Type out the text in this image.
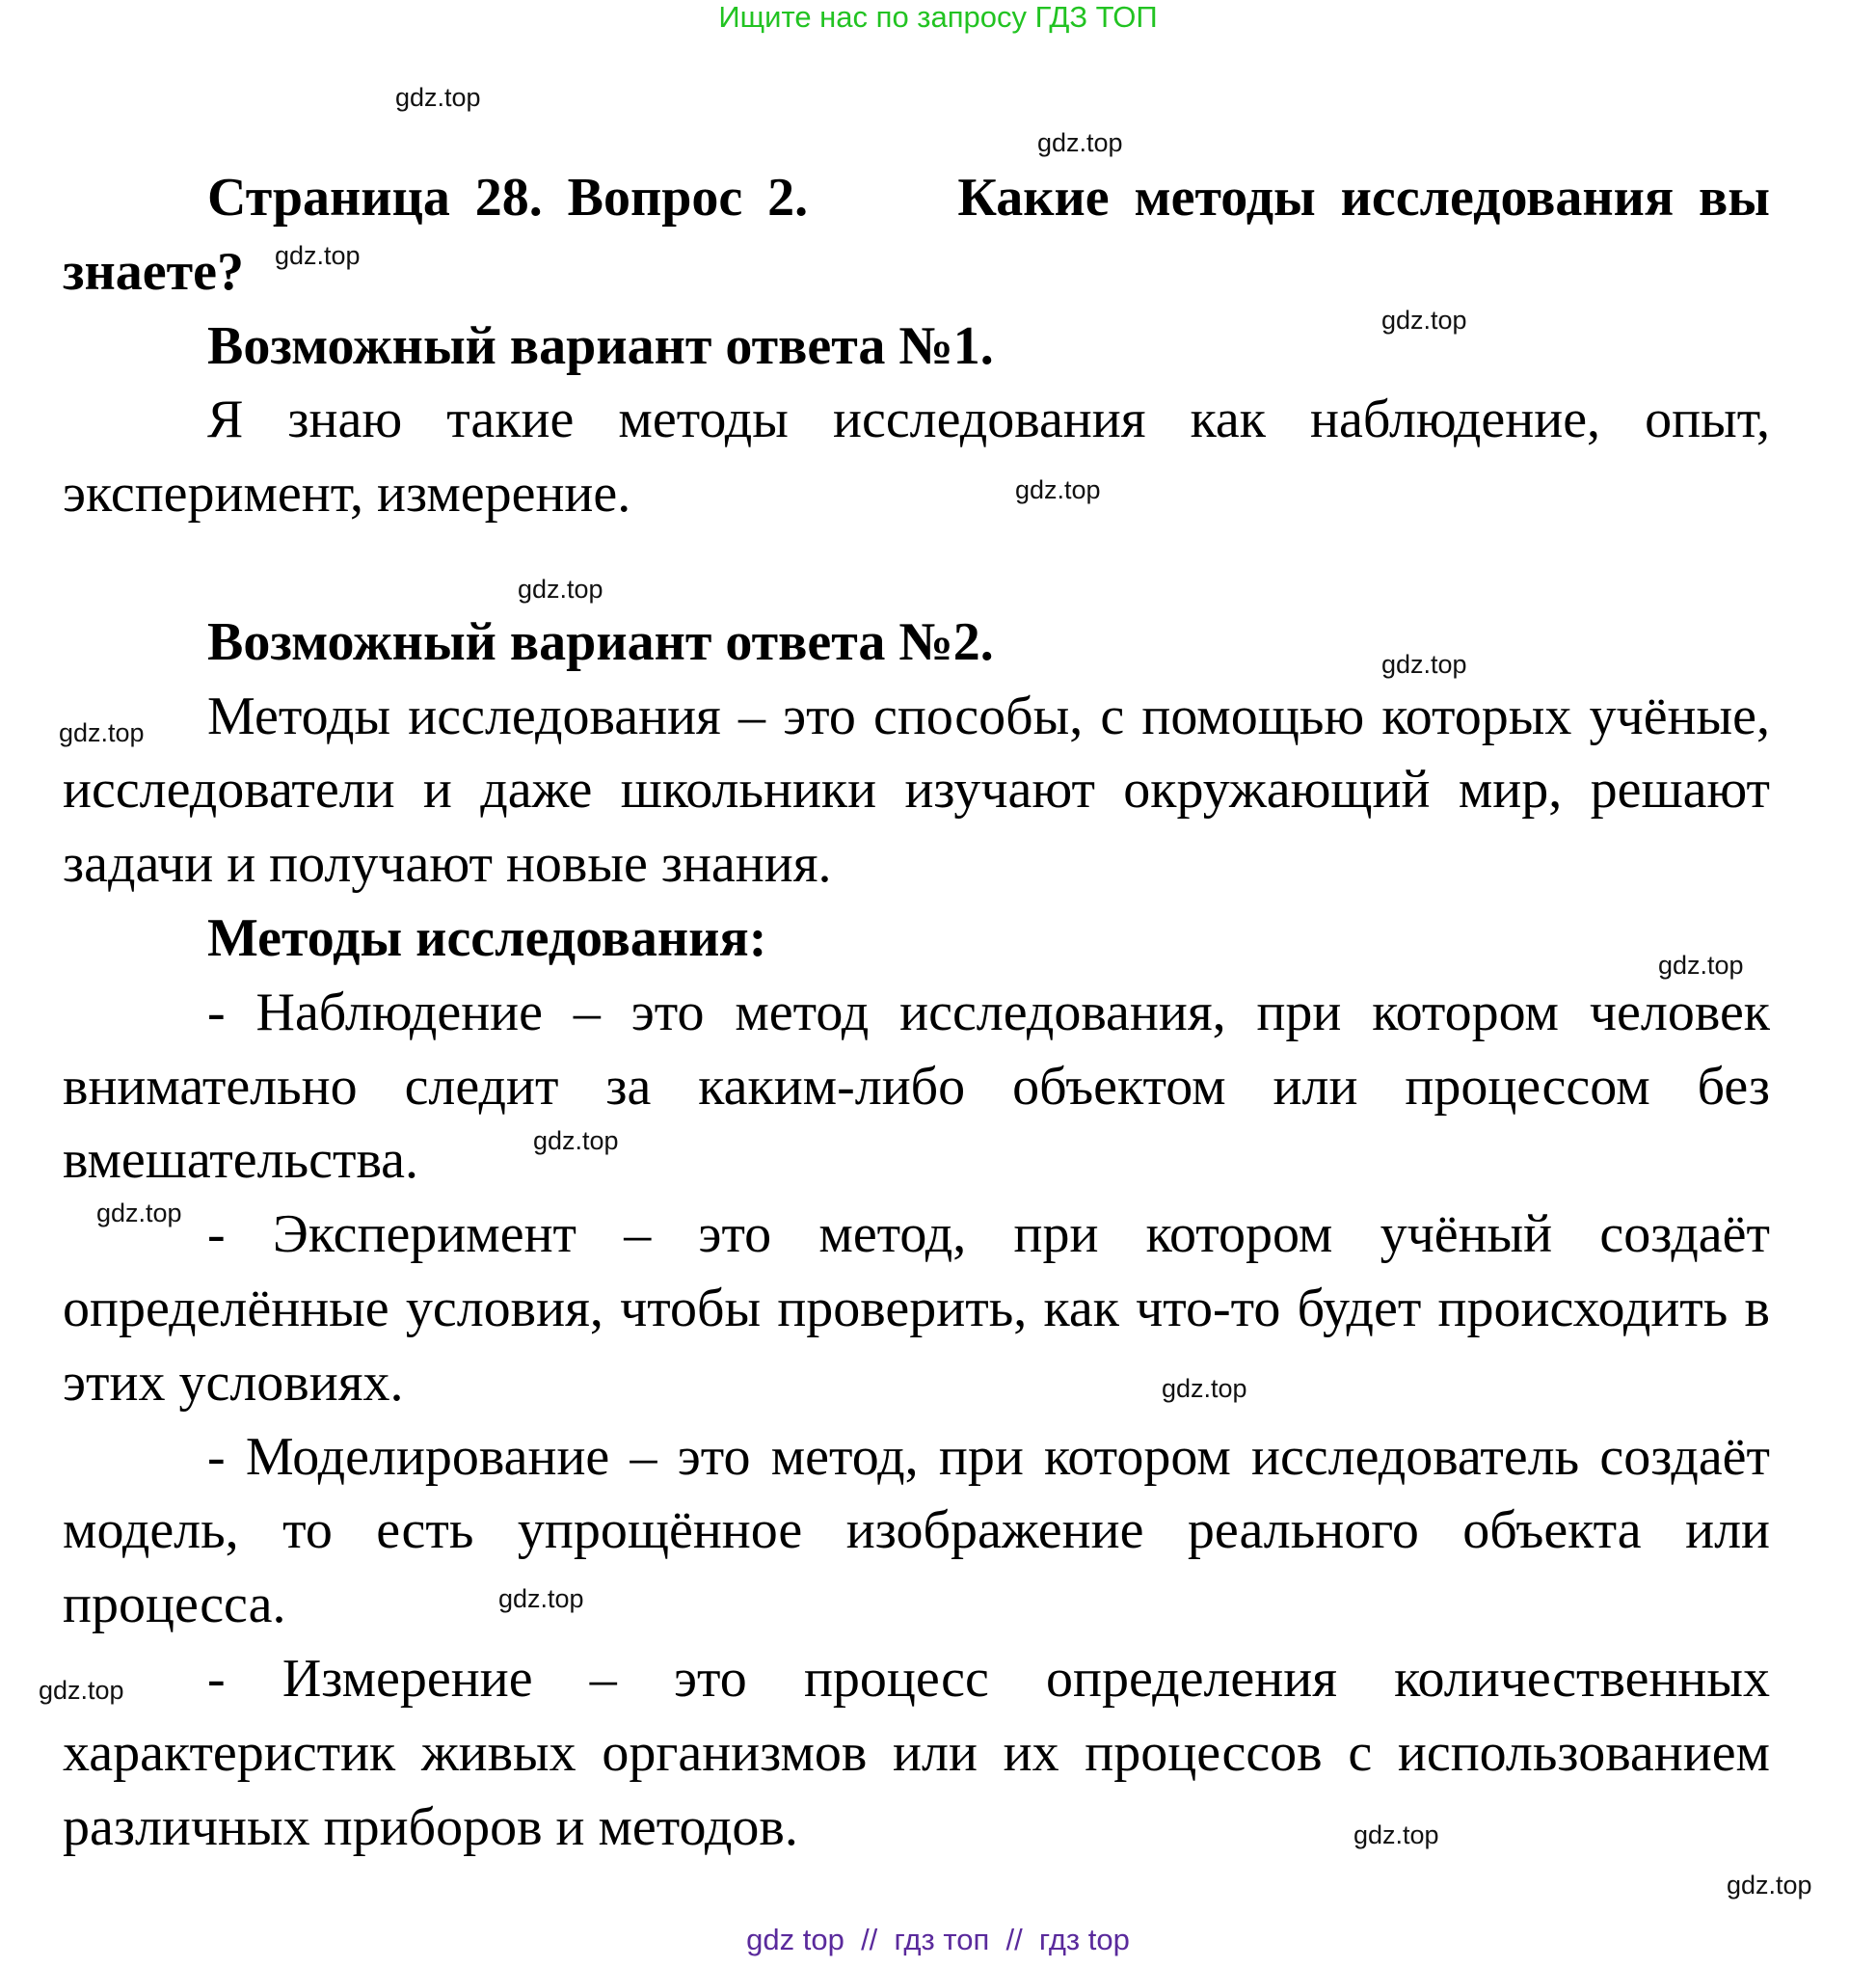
Ищите нас по запросу ГДЗ ТОП

Страница 28. Вопрос 2.      Какие методы исследования вы знаете?

Возможный вариант ответа №1.

Я знаю такие методы исследования как наблюдение, опыт, эксперимент, измерение.

Возможный вариант ответа №2.

Методы исследования – это способы, с помощью которых учёные, исследователи и даже школьники изучают окружающий мир, решают задачи и получают новые знания.

Методы исследования:

- Наблюдение – это метод исследования, при котором человек внимательно следит за каким-либо объектом или процессом без вмешательства.

- Эксперимент – это метод, при котором учёный создаёт определённые условия, чтобы проверить, как что-то будет происходить в этих условиях.

- Моделирование – это метод, при котором исследователь создаёт модель, то есть упрощённое изображение реального объекта или процесса.

- Измерение – это процесс определения количественных характеристик живых организмов или их процессов с использованием различных приборов и методов.

gdz.top
gdz.top
gdz.top
gdz.top
gdz.top
gdz.top
gdz.top
gdz.top
gdz.top
gdz.top
gdz.top
gdz.top
gdz.top
gdz.top
gdz.top
gdz.top
gdz top  //  гдз топ  //  гдз top
